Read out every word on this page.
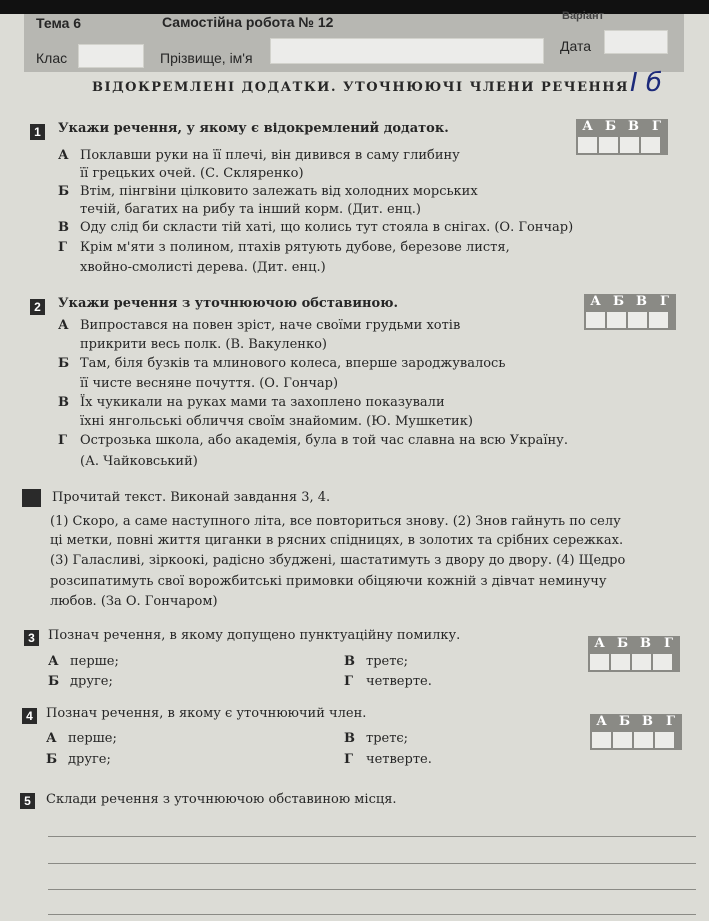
Тема 6	Самостійна робота № 12	Варіант
Клас	Прізвище, ім'я
Дата
ВІДОКРЕМЛЕНІ ДОДАТКИ. УТОЧНЮЮЧІ ЧЛЕНИ РЕЧЕННЯ I б
1	Укажи речення, у якому є відокремлений додаток.	А Б В	Г
А Поклавши руки на її плечі, він дивився в саму глибину
її грецьких очей. (С. Скляренко)
Б Втім, пінгвіни цілковито залежать від холодних морських
течій, багатих на рибу та інший корм. (Дит. енц.)
В Оду слід би скласти тій хаті, що колись тут стояла в снігах. (О. Гончар)
Г Крім м'яти з полином, птахів рятують дубове, березове листя,
хвойно-смолисті дерева. (Дит. енц.)
2	Укажи речення з уточнюючою обставиною.	А Б В	Г
А Випростався на повен зріст, наче своїми грудьми хотів
прикрити весь полк. (В. Вакуленко)
Б Там, біля бузків та млинового колеса, вперше зароджувалось
її чисте весняне почуття. (О. Гончар)
В Їх чукикали на руках мами та захоплено показували
їхні янгольські обличчя своїм знайомим. (Ю. Мушкетик)
Г Острозька школа, або академія, була в той час славна на всю Україну.
(А. Чайковський)
Прочитай текст. Виконай завдання 3, 4.
(1) Скоро, а саме наступного літа, все повториться знову. (2) Знов гайнуть по селу
ці метки, повні життя циганки в рясних спідницях, в золотих та срібних сережках.
(3) Галасливі, зіркоокі, радісно збуджені, шастатимуть з двору до двору. (4) Щедро
розсипатимуть свої ворожбитські примовки обіцяючи кожній з дівчат неминучу
любов. (За О. Гончаром)
3	Познач речення, в якому допущено пунктуаційну помилку.
А Б В	Г
А перше;	В третє;
Б друге;	Г четверте.
4	Познач речення, в якому є уточнюючий член.
А Б В	Г
А перше;	В третє;
Б друге;	Г четверте.
5	Склади речення з уточнюючою обставиною місця.
